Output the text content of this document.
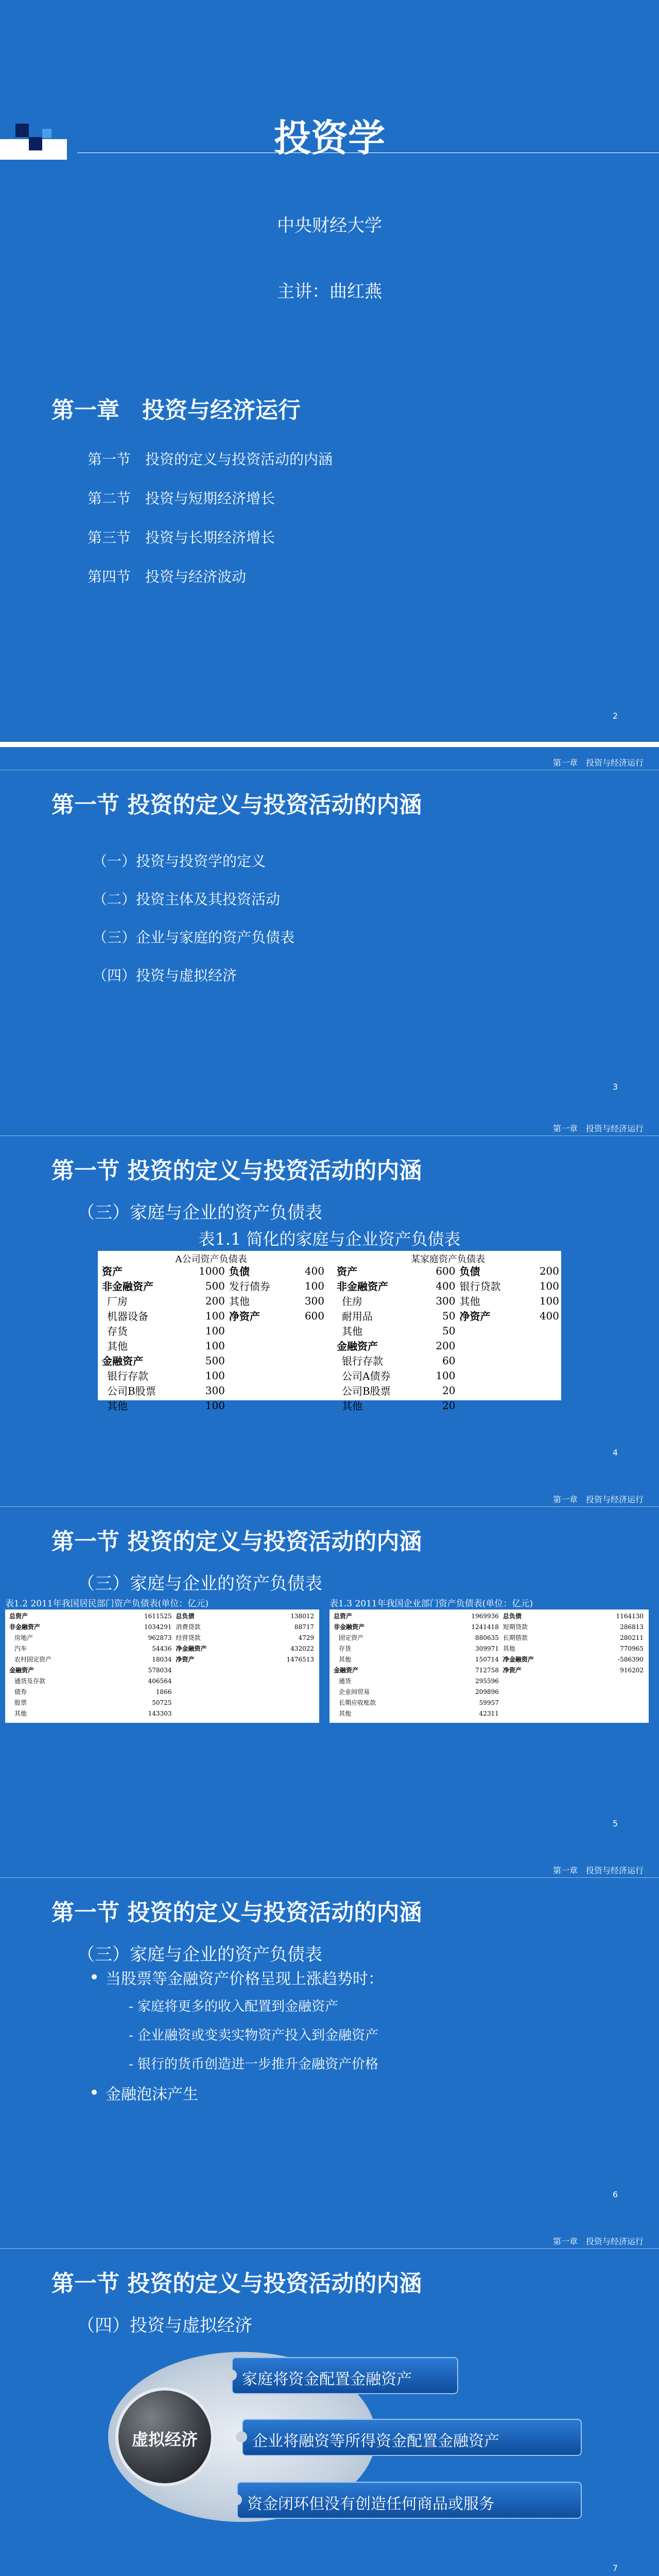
投资学
中央财经大学
主讲：曲红燕
第一章　投资与经济运行
第一节　投资的定义与投资活动的内涵
第二节　投资与短期经济增长
第三节　投资与长期经济增长
第四节　投资与经济波动
2
第一章　投资与经济运行
第一节 投资的定义与投资活动的内涵
（一）投资与投资学的定义
（二）投资主体及其投资活动
（三）企业与家庭的资产负债表
（四）投资与虚拟经济
3
第一章　投资与经济运行
第一节 投资的定义与投资活动的内涵
（三）家庭与企业的资产负债表
表1.1 简化的家庭与企业资产负债表
A公司资产负债表	某家庭资产负债表
资产	1000	负债	400
非金融资产	500	发行债券	100
厂房	200	其他	300
机器设备	100	净资产	600
存货	100		
其他	100		
金融资产	500		
银行存款	100		
公司B股票	300		
其他	100		
资产	600	负债	200
非金融资产	400	银行贷款	100
住房	300	其他	100
耐用品	50	净资产	400
其他	50		
金融资产	200		
银行存款	60		
公司A债券	100		
公司B股票	20		
其他	20		
4
第一章　投资与经济运行
第一节 投资的定义与投资活动的内涵
（三）家庭与企业的资产负债表
表1.2 2011年我国居民部门资产负债表(单位：亿元)	表1.3 2011年我国企业部门资产负债表(单位：亿元)
总资产	1611525	总负债	138012
非金融资产	1034291	消费贷款	88717
房地产	962873	经营贷款	4729
汽车	54436	净金融资产	432022
农村固定资产	18034	净资产	1476513
金融资产	578034		
通货及存款	406564		
债券	1866		
股票	50725		
其他	143303		
总资产	1969936	总负债	1164130
非金融资产	1241418	短期贷款	286813
固定资产	880635	长期借款	280211
存货	309971	其他	770965
其他	150714	净金融资产	-586390
金融资产	712758	净资产	916202
通货	295596		
企业间贸易	209896		
长期应收账款	59957		
其他	42311		
5
第一章　投资与经济运行
第一节 投资的定义与投资活动的内涵
（三）家庭与企业的资产负债表
当股票等金融资产价格呈现上涨趋势时：
- 家庭将更多的收入配置到金融资产
- 企业融资或变卖实物资产投入到金融资产
- 银行的货币创造进一步推升金融资产价格
金融泡沫产生
6
第一章　投资与经济运行
第一节 投资的定义与投资活动的内涵
（四）投资与虚拟经济
虚拟经济
家庭将资金配置金融资产
企业将融资等所得资金配置金融资产
资金闭环但没有创造任何商品或服务
7
